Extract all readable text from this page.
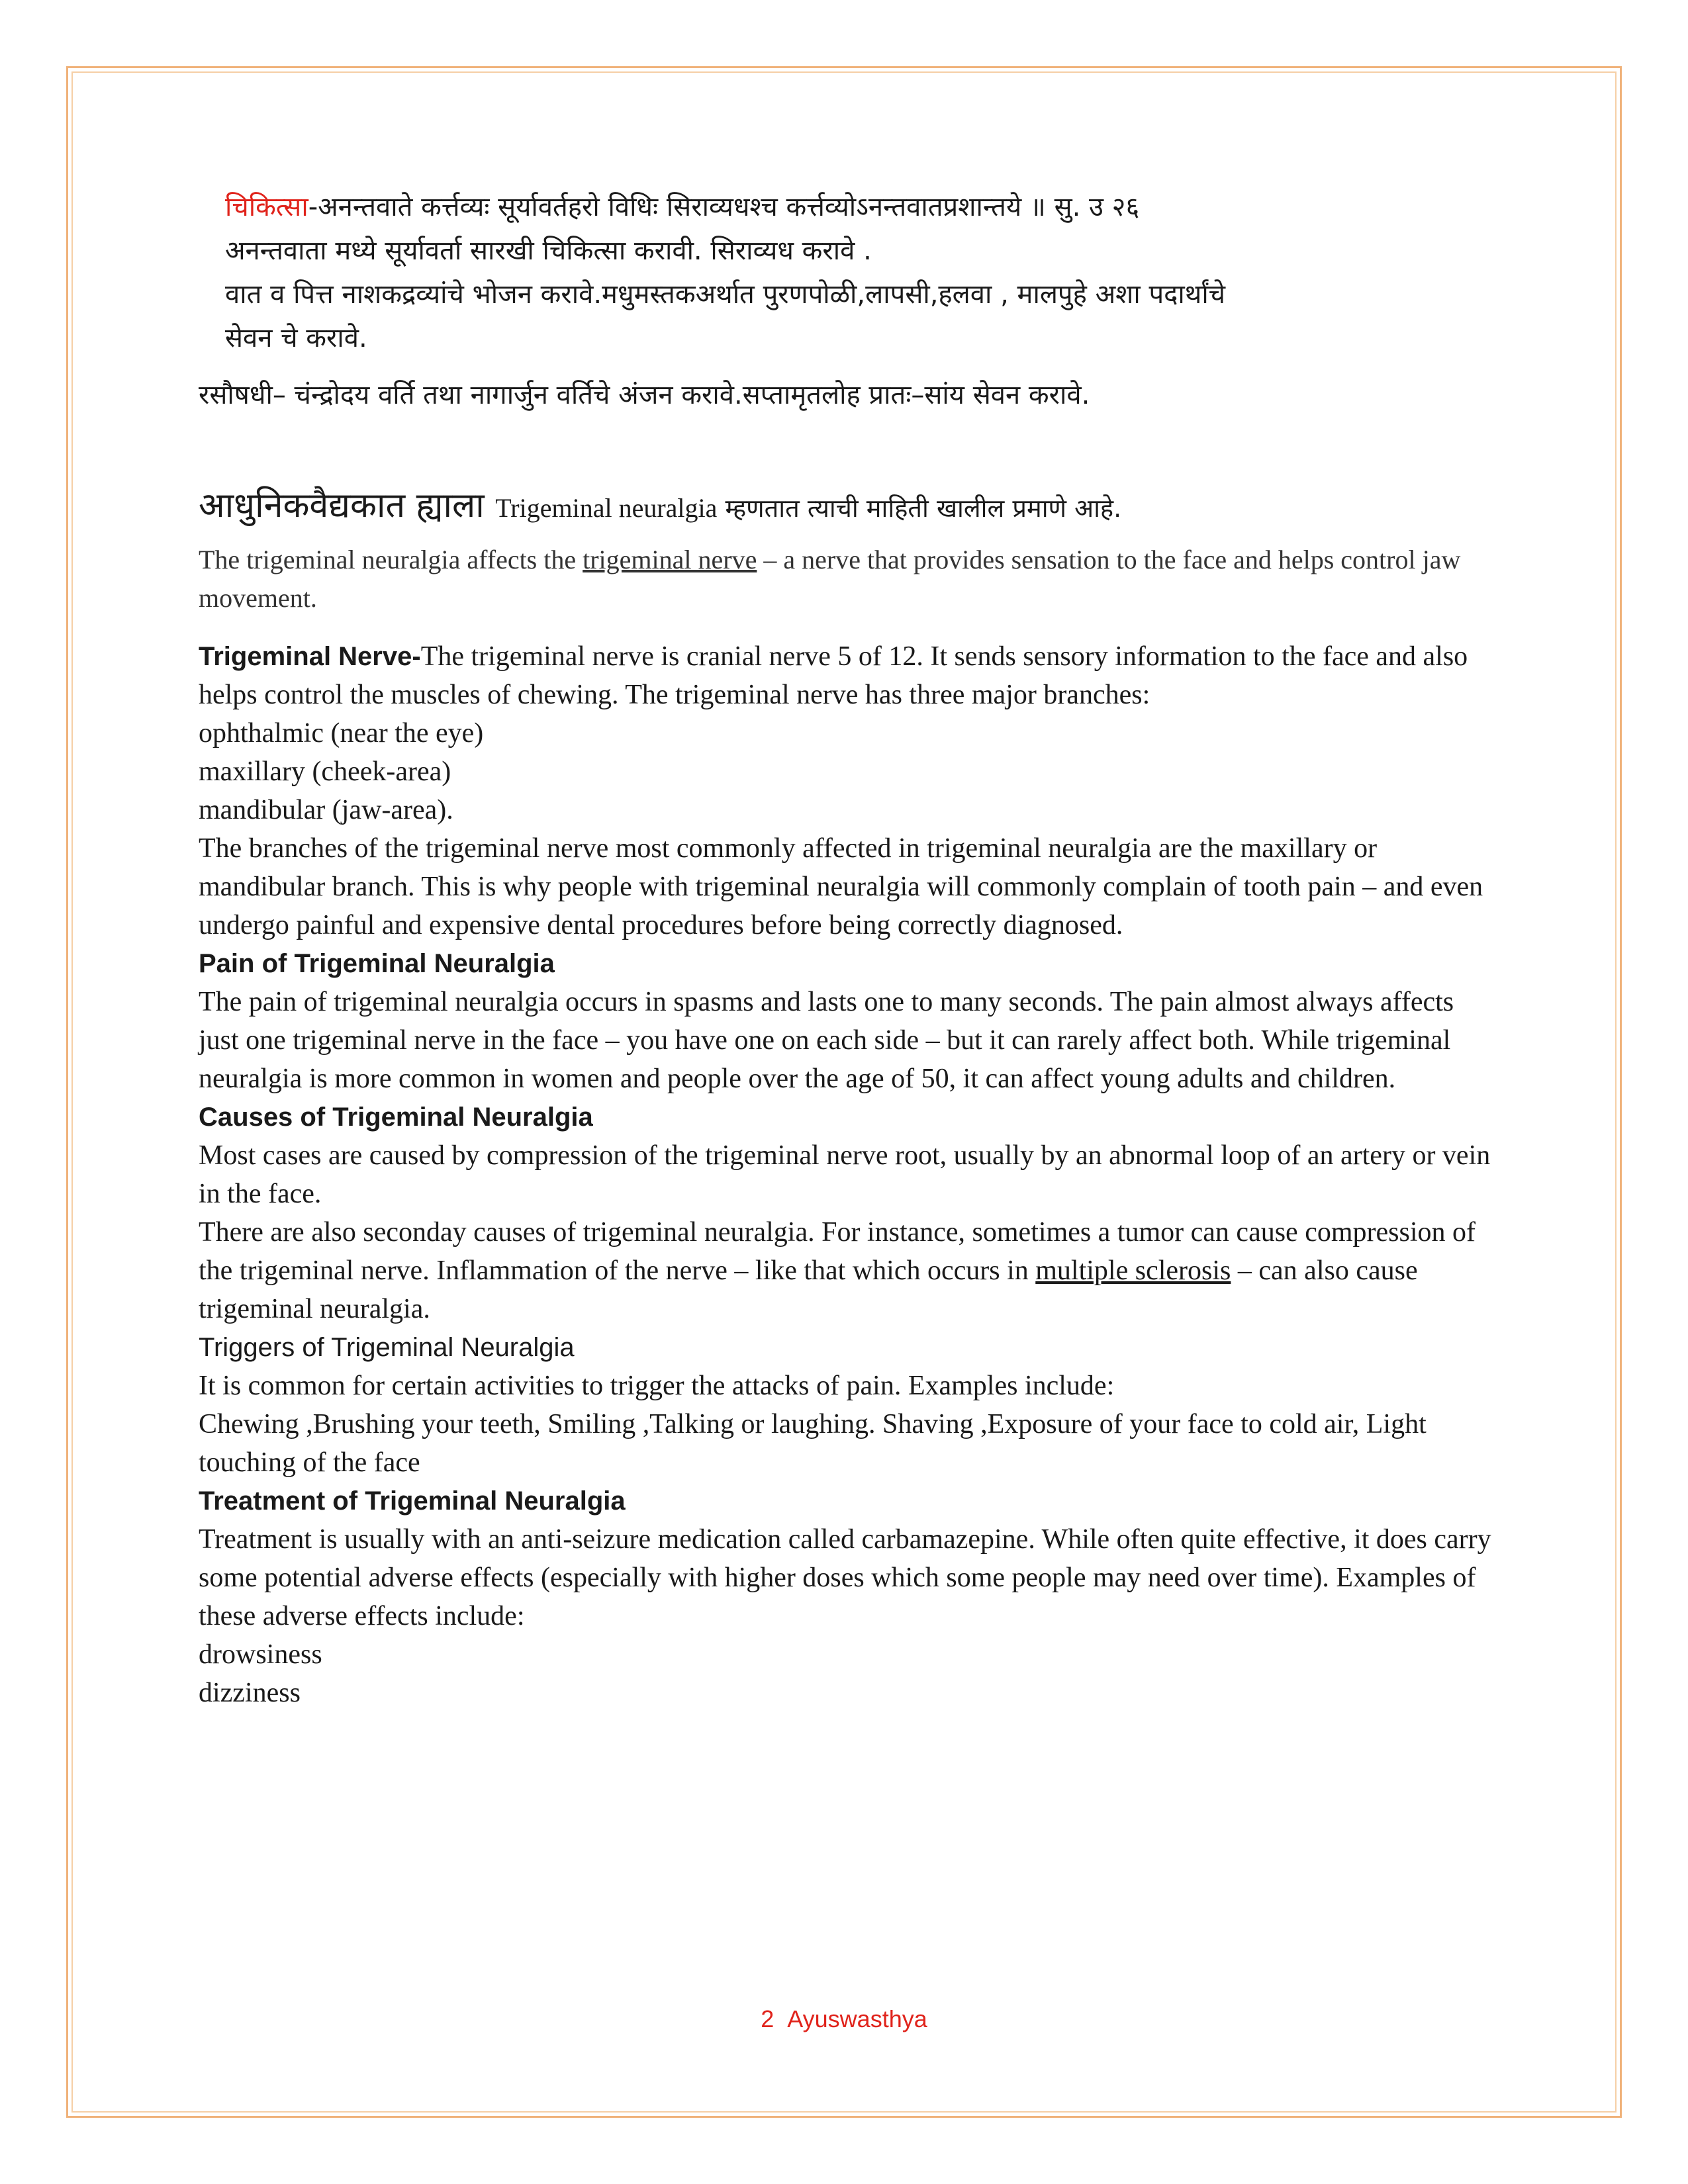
चिकित्सा-अनन्तवाते कर्त्तव्यः सूर्यावर्तहरो विधिः सिराव्यधश्च कर्त्तव्योऽनन्तवातप्रशान्तये ॥ सु. उ २६

अनन्तवाता मध्ये सूर्यावर्ता सारखी चिकित्सा करावी. सिराव्यध करावे .

वात व पित्त नाशकद्रव्यांचे भोजन करावे.मधुमस्तकअर्थात पुरणपोळी,लापसी,हलवा , मालपुहे अशा पदार्थांचे

सेवन चे करावे.

रसौषधी– चंन्द्रोदय वर्ति तथा नागार्जुन वर्तिचे अंजन करावे.सप्तामृतलोह प्रातः–सांय सेवन करावे.

आधुनिकवैद्यकात ह्याला Trigeminal neuralgia म्हणतात त्याची माहिती खालील प्रमाणे आहे.

The trigeminal neuralgia affects the trigeminal nerve – a nerve that provides sensation to the face and helps control jaw movement.

Trigeminal Nerve-The trigeminal nerve is cranial nerve 5 of 12. It sends sensory information to the face and also helps control the muscles of chewing. The trigeminal nerve has three major branches:

ophthalmic (near the eye)

maxillary (cheek-area)

mandibular (jaw-area).

The branches of the trigeminal nerve most commonly affected in trigeminal neuralgia are the maxillary or mandibular branch. This is why people with trigeminal neuralgia will commonly complain of tooth pain – and even undergo painful and expensive dental procedures before being correctly diagnosed.

Pain of Trigeminal Neuralgia

The pain of trigeminal neuralgia occurs in spasms and lasts one to many seconds. The pain almost always affects just one trigeminal nerve in the face – you have one on each side – but it can rarely affect both. While trigeminal neuralgia is more common in women and people over the age of 50, it can affect young adults and children.

Causes of Trigeminal Neuralgia

Most cases are caused by compression of the trigeminal nerve root, usually by an abnormal loop of an artery or vein in the face.

There are also seconday causes of trigeminal neuralgia. For instance, sometimes a tumor can cause compression of the trigeminal nerve. Inflammation of the nerve – like that which occurs in multiple sclerosis – can also cause trigeminal neuralgia.

Triggers of Trigeminal Neuralgia

It is common for certain activities to trigger the attacks of pain. Examples include:

Chewing ,Brushing your teeth, Smiling ,Talking or laughing. Shaving ,Exposure of your face to cold air, Light touching of the face

Treatment of Trigeminal Neuralgia

Treatment is usually with an anti-seizure medication called carbamazepine. While often quite effective, it does carry some potential adverse effects (especially with higher doses which some people may need over time). Examples of these adverse effects include:

drowsiness

dizziness

2 Ayuswasthya
